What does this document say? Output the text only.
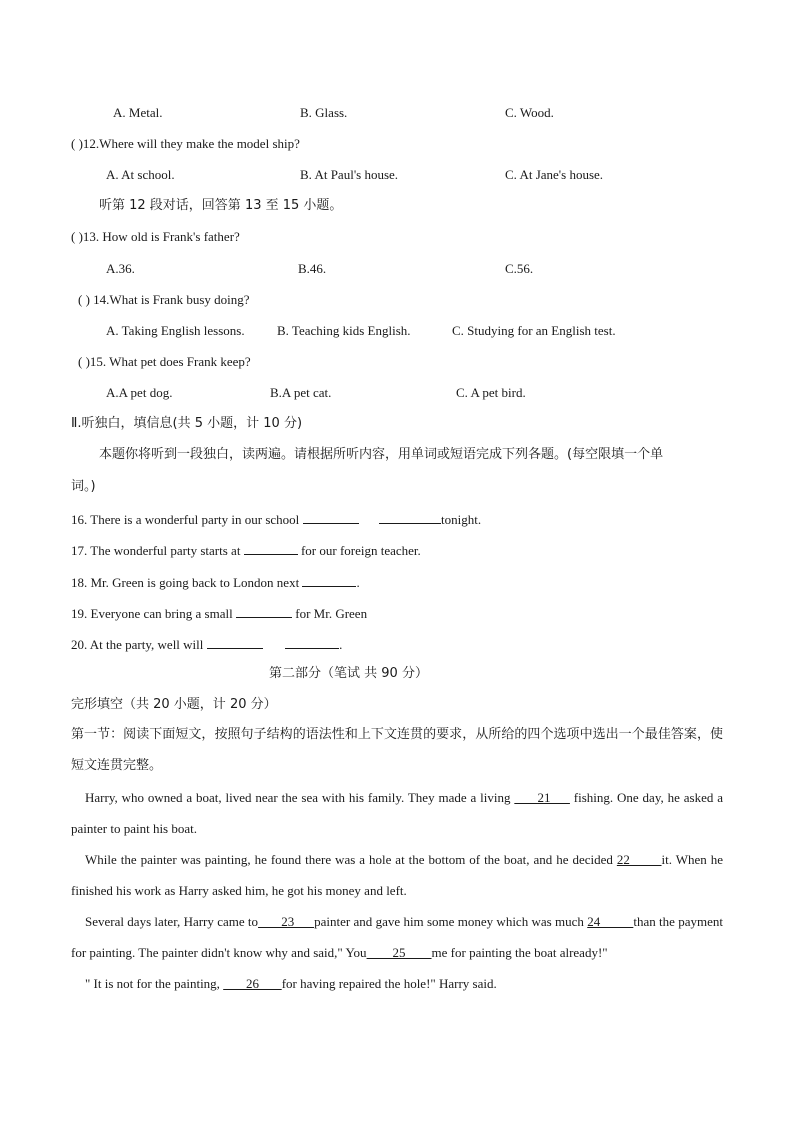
A. Metal.	B. Glass.	C. Wood.
( )12.Where will they make the model ship?
A. At school.	B. At Paul's house.	C. At Jane's house.
听第 12 段对话，回答第 13 至 15 小题。
( )13. How old is Frank's father?
A.36.	B.46.	C.56.
( ) 14.What is Frank busy doing?
A. Taking English lessons. B. Teaching kids English.	C. Studying for an English test.
( )15. What pet does Frank keep?
A.A pet dog.	B.A pet cat.	C. A pet bird.
Ⅱ.听独白，填信息(共 5 小题，计 10 分)
本题你将听到一段独白，读两遍。请根据所听内容，用单词或短语完成下列各题。(每空限填一个单
词。)
16. There is a wonderful party in our school	tonight.
17. The wonderful party starts at	for our foreign teacher.
18. Mr. Green is going back to London next	.
19. Everyone can bring a small	for Mr. Green
20. At the party, well will	.
第二部分（笔试 共 90 分）
完形填空（共 20 小题，计 20 分）
第一节：阅读下面短文，按照句子结构的语法性和上下文连贯的要求，从所给的四个选项中选出一个最佳答案，使短文连贯完整。

Harry, who owned a boat, lived near the sea with his family. They made a living       21      fishing. One day, he asked a painter to paint his boat.

While the painter was painting, he found there was a hole at the bottom of the boat, and he decided 22        it. When he finished his work as Harry asked him, he got his money and left.

Several days later, Harry came to       23      painter and gave him some money which was much 24          than the payment for painting. The painter didn't know why and said," You        25        me for painting the boat already!"

" It is not for the painting,        26       for having repaired the hole!" Harry said.
